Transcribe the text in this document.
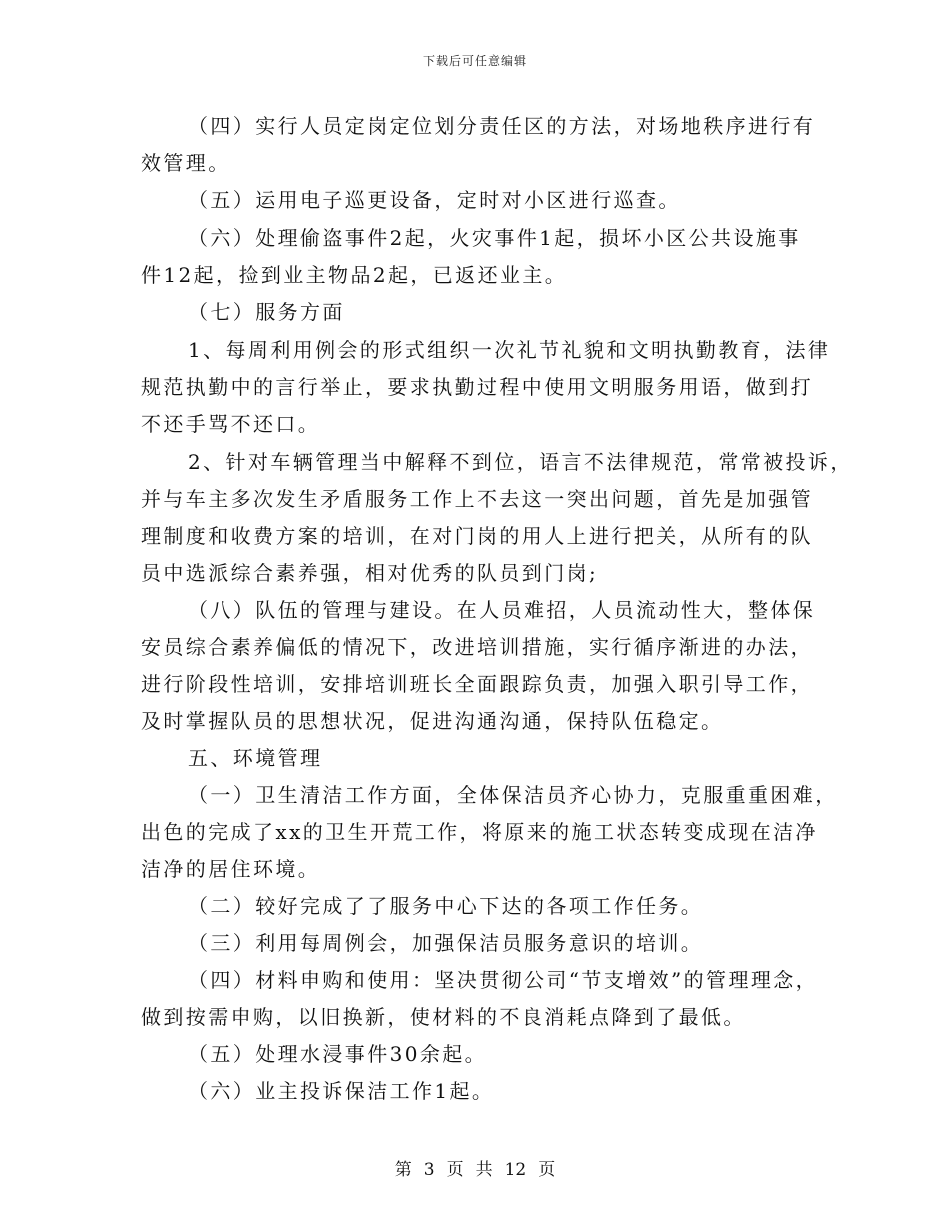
下载后可任意编辑
（四）实行人员定岗定位划分责任区的方法，对场地秩序进行有
效管理。
（五）运用电子巡更设备，定时对小区进行巡查。
（六）处理偷盗事件2起，火灾事件1起，损坏小区公共设施事
件12起，捡到业主物品2起，已返还业主。
（七）服务方面
1、每周利用例会的形式组织一次礼节礼貌和文明执勤教育，法律
规范执勤中的言行举止，要求执勤过程中使用文明服务用语，做到打
不还手骂不还口。
2、针对车辆管理当中解释不到位，语言不法律规范，常常被投诉，
并与车主多次发生矛盾服务工作上不去这一突出问题，首先是加强管
理制度和收费方案的培训，在对门岗的用人上进行把关，从所有的队
员中选派综合素养强，相对优秀的队员到门岗;
（八）队伍的管理与建设。在人员难招，人员流动性大，整体保
安员综合素养偏低的情况下，改进培训措施，实行循序渐进的办法，
进行阶段性培训，安排培训班长全面跟踪负责，加强入职引导工作，
及时掌握队员的思想状况，促进沟通沟通，保持队伍稳定。
五、环境管理
（一）卫生清洁工作方面，全体保洁员齐心协力，克服重重困难，
出色的完成了xx的卫生开荒工作，将原来的施工状态转变成现在洁净
洁净的居住环境。
（二）较好完成了了服务中心下达的各项工作任务。
（三）利用每周例会，加强保洁员服务意识的培训。
（四）材料申购和使用：坚决贯彻公司“节支增效”的管理理念，
做到按需申购，以旧换新，使材料的不良消耗点降到了最低。
（五）处理水浸事件30余起。
（六）业主投诉保洁工作1起。
第 3 页 共 12 页
